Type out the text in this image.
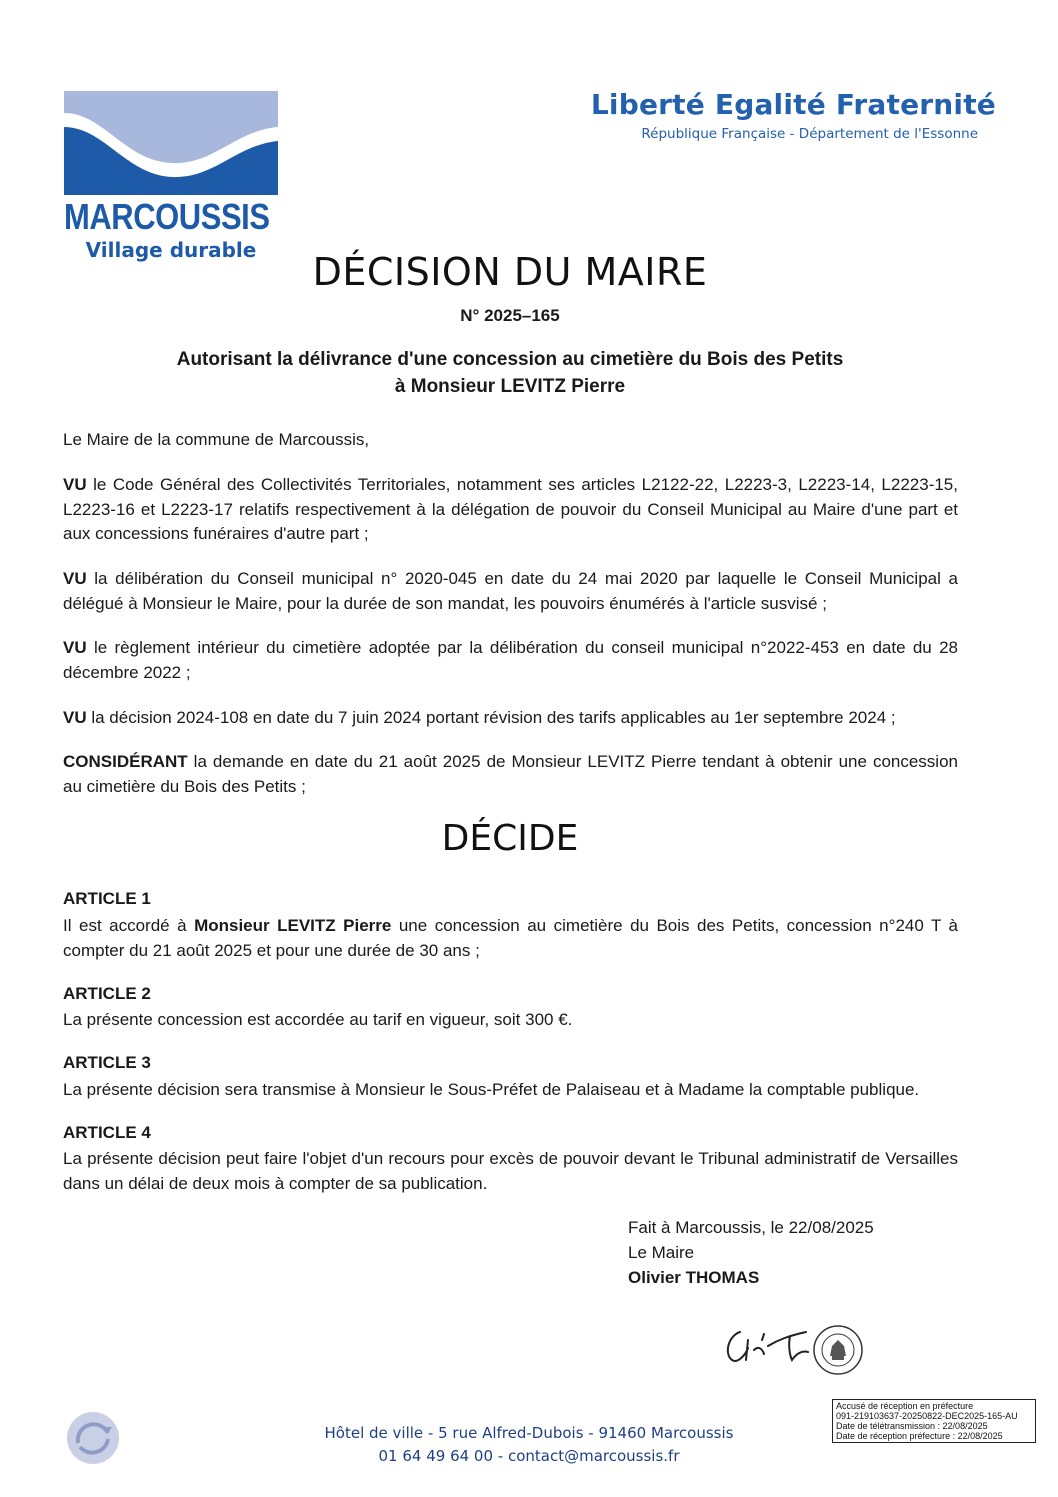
MARCOUSSIS
Village durable
Liberté Egalité Fraternité
République Française - Département de l'Essonne
DÉCISION DU MAIRE
N° 2025–165
Autorisant la délivrance d'une concession au cimetière du Bois des Petits
à Monsieur LEVITZ Pierre
Le Maire de la commune de Marcoussis,
VU le Code Général des Collectivités Territoriales, notamment ses articles L2122-22, L2223-3, L2223-14, L2223-15, L2223-16 et L2223-17 relatifs respectivement à la délégation de pouvoir du Conseil Municipal au Maire d'une part et aux concessions funéraires d'autre part ;
VU la délibération du Conseil municipal n° 2020-045 en date du 24 mai 2020 par laquelle le Conseil Municipal a délégué à Monsieur le Maire, pour la durée de son mandat, les pouvoirs énumérés à l'article susvisé ;
VU le règlement intérieur du cimetière adoptée par la délibération du conseil municipal n°2022-453 en date du 28 décembre 2022 ;
VU la décision 2024-108 en date du 7 juin 2024 portant révision des tarifs applicables au 1er septembre 2024 ;
CONSIDÉRANT la demande en date du 21 août 2025 de Monsieur LEVITZ Pierre tendant à obtenir une concession au cimetière du Bois des Petits ;
DÉCIDE
ARTICLE 1
Il est accordé à Monsieur LEVITZ Pierre une concession au cimetière du Bois des Petits, concession n°240 T à compter du 21 août 2025 et pour une durée de 30 ans ;
ARTICLE 2
La présente concession est accordée au tarif en vigueur, soit 300 €.
ARTICLE 3
La présente décision sera transmise à Monsieur le Sous-Préfet de Palaiseau et à Madame la comptable publique.
ARTICLE 4
La présente décision peut faire l'objet d'un recours pour excès de pouvoir devant le Tribunal administratif de Versailles dans un délai de deux mois à compter de sa publication.
Fait à Marcoussis, le 22/08/2025
Le Maire
Olivier THOMAS
Accusé de réception en préfecture
091-219103637-20250822-DEC2025-165-AU
Date de télétransmission : 22/08/2025
Date de réception préfecture : 22/08/2025
Hôtel de ville - 5 rue Alfred-Dubois - 91460 Marcoussis
01 64 49 64 00 - contact@marcoussis.fr
